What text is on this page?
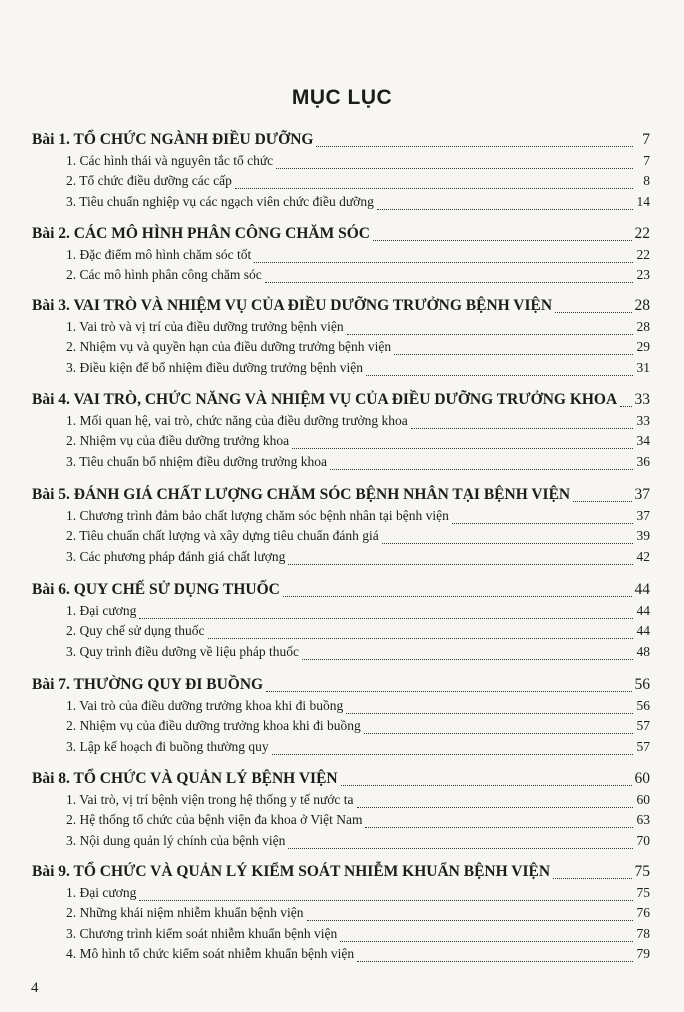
MỤC LỤC
Bài 1. TỔ CHỨC NGÀNH ĐIỀU DƯỠNG	7
1. Các hình thái và nguyên tắc tổ chức	7
2. Tổ chức điều dưỡng các cấp	8
3. Tiêu chuẩn nghiệp vụ các ngạch viên chức điều dưỡng	14
Bài 2. CÁC MÔ HÌNH PHÂN CÔNG CHĂM SÓC	22
1. Đặc điểm mô hình chăm sóc tốt	22
2. Các mô hình phân công chăm sóc	23
Bài 3. VAI TRÒ VÀ NHIỆM VỤ CỦA ĐIỀU DƯỠNG TRƯỞNG BỆNH VIỆN	28
1. Vai trò và vị trí của điều dưỡng trưởng bệnh viện	28
2. Nhiệm vụ và quyền hạn của điều dưỡng trưởng bệnh viện	29
3. Điều kiện để bổ nhiệm điều dưỡng trưởng bệnh viện	31
Bài 4. VAI TRÒ, CHỨC NĂNG VÀ NHIỆM VỤ CỦA ĐIỀU DƯỠNG TRƯỞNG KHOA 33
1. Mối quan hệ, vai trò, chức năng của điều dưỡng trưởng khoa	33
2. Nhiệm vụ của điều dưỡng trưởng khoa	34
3. Tiêu chuẩn bổ nhiệm điều dưỡng trưởng khoa	36
Bài 5. ĐÁNH GIÁ CHẤT LƯỢNG CHĂM SÓC BỆNH NHÂN TẠI BỆNH VIỆN	37
1. Chương trình đảm bảo chất lượng chăm sóc bệnh nhân tại bệnh viện	37
2. Tiêu chuẩn chất lượng và xây dựng tiêu chuẩn đánh giá	39
3. Các phương pháp đánh giá chất lượng	42
Bài 6. QUY CHẾ SỬ DỤNG THUỐC	44
1. Đại cương	44
2. Quy chế sử dụng thuốc	44
3. Quy trình điều dưỡng về liệu pháp thuốc	48
Bài 7. THƯỜNG QUY ĐI BUỒNG	56
1. Vai trò của điều dưỡng trưởng khoa khi đi buồng	56
2. Nhiệm vụ của điều dưỡng trưởng khoa khi đi buồng	57
3. Lập kế hoạch đi buồng thường quy	57
Bài 8. TỔ CHỨC VÀ QUẢN LÝ BỆNH VIỆN	60
1. Vai trò, vị trí bệnh viện trong hệ thống y tế nước ta	60
2. Hệ thống tổ chức của bệnh viện đa khoa ở Việt Nam	63
3. Nội dung quản lý chính của bệnh viện	70
Bài 9. TỔ CHỨC VÀ QUẢN LÝ KIỂM SOÁT NHIỄM KHUẨN BỆNH VIỆN	75
1. Đại cương	75
2. Những khái niệm nhiễm khuẩn bệnh viện	76
3. Chương trình kiểm soát nhiễm khuẩn bệnh viện	78
4. Mô hình tổ chức kiểm soát nhiễm khuẩn bệnh viện	79
4
